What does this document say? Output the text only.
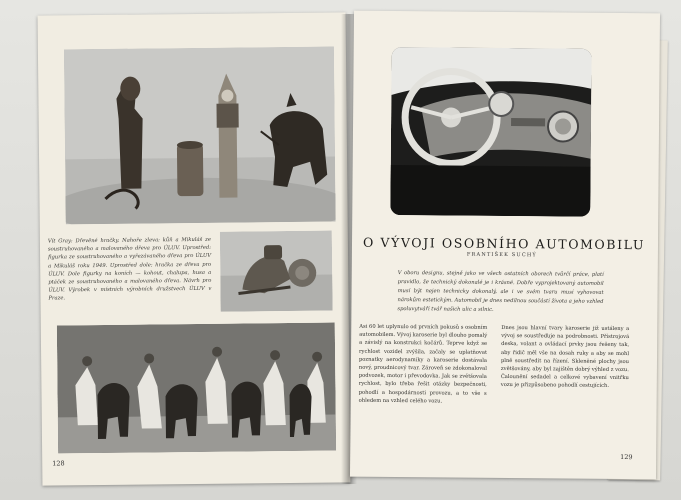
Vít Gray: Dřevěné hračky. Nahoře zleva: kůň a Mikuláš ze soustruhovaného a malovaného dřeva pro ÚLUV. Uprostřed: figurka ze soustruhovaného a vyřezávaného dřeva pro ÚLUV a Mikuláš roku 1949. Uprostřed dole: hračka ze dřeva pro ÚLUV. Dole figurky na koních — kohout, chalupa, husa a ptáček ze soustruhovaného a malovaného dřeva. Návrh pro ÚLUV. Výrobek v místních výrobních družstvech ÚLUV v Praze.
128
O VÝVOJI OSOBNÍHO AUTOMOBILU
FRANTIŠEK SUCHÝ
V oboru designu, stejně jako ve všech ostatních oborech tvůrčí práce, platí pravidlo, že technický dokonalé je i krásné. Dobře vyprojektovaný automobil musí být nejen technicky dokonalý, ale i ve svém tvaru musí vyhovovat nárokům estetickým. Automobil je dnes nedílnou součástí života a jeho vzhled spoluvytváří tvář našich ulic a silnic.
Asi 60 let uplynulo od prvních pokusů s osobním automobilem. Vývoj karoserie byl dlouho pomalý a závislý na konstrukci kočárů. Teprve když se rychlost vozidel zvýšila, začaly se uplatňovat poznatky aerodynamiky a karoserie dostávala nový, proudnicový tvar. Zároveň se zdokonaloval podvozek, motor i převodovka. Jak se zvětšovala rychlost, bylo třeba řešit otázky bezpečnosti, pohodlí a hospodárnosti provozu, a to vše s ohledem na vzhled celého vozu.
Dnes jsou hlavní tvary karoserie již ustáleny a vývoj se soustřeďuje na podrobnosti. Přístrojová deska, volant a ovládací prvky jsou řešeny tak, aby řidič měl vše na dosah ruky a aby se mohl plně soustředit na řízení. Skleněné plochy jsou zvětšovány, aby byl zajištěn dobrý výhled z vozu. Čalounění sedadel a celkové vybavení vnitřku vozu je přizpůsobeno pohodlí cestujících.
129
